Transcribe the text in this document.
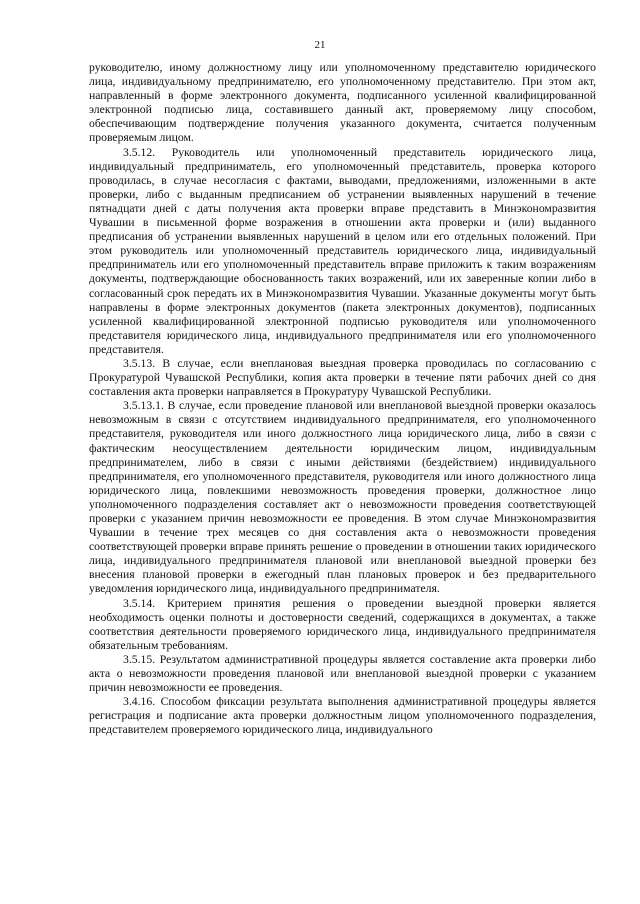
21

руководителю, иному должностному лицу или уполномоченному представителю юридического лица, индивидуальному предпринимателю, его уполномоченному представителю. При этом акт, направленный в форме электронного документа, подписанного усиленной квалифицированной электронной подписью лица, составившего данный акт, проверяемому лицу способом, обеспечивающим подтверждение получения указанного документа, считается полученным проверяемым лицом.

3.5.12. Руководитель или уполномоченный представитель юридического лица, индивидуальный предприниматель, его уполномоченный представитель, проверка которого проводилась, в случае несогласия с фактами, выводами, предложениями, изложенными в акте проверки, либо с выданным предписанием об устранении выявленных нарушений в течение пятнадцати дней с даты получения акта проверки вправе представить в Минэкономразвития Чувашии в письменной форме возражения в отношении акта проверки и (или) выданного предписания об устранении выявленных нарушений в целом или его отдельных положений. При этом руководитель или уполномоченный представитель юридического лица, индивидуальный предприниматель или его уполномоченный представитель вправе приложить к таким возражениям документы, подтверждающие обоснованность таких возражений, или их заверенные копии либо в согласованный срок передать их в Минэкономразвития Чувашии. Указанные документы могут быть направлены в форме электронных документов (пакета электронных документов), подписанных усиленной квалифицированной электронной подписью руководителя или уполномоченного представителя юридического лица, индивидуального предпринимателя или его уполномоченного представителя.

3.5.13. В случае, если внеплановая выездная проверка проводилась по согласованию с Прокуратурой Чувашской Республики, копия акта проверки в течение пяти рабочих дней со дня составления акта проверки направляется в Прокуратуру Чувашской Республики.

3.5.13.1. В случае, если проведение плановой или внеплановой выездной проверки оказалось невозможным в связи с отсутствием индивидуального предпринимателя, его уполномоченного представителя, руководителя или иного должностного лица юридического лица, либо в связи с фактическим неосуществлением деятельности юридическим лицом, индивидуальным предпринимателем, либо в связи с иными действиями (бездействием) индивидуального предпринимателя, его уполномоченного представителя, руководителя или иного должностного лица юридического лица, повлекшими невозможность проведения проверки, должностное лицо уполномоченного подразделения составляет акт о невозможности проведения соответствующей проверки с указанием причин невозможности ее проведения. В этом случае Минэкономразвития Чувашии в течение трех месяцев со дня составления акта о невозможности проведения соответствующей проверки вправе принять решение о проведении в отношении таких юридического лица, индивидуального предпринимателя плановой или внеплановой выездной проверки без внесения плановой проверки в ежегодный план плановых проверок и без предварительного уведомления юридического лица, индивидуального предпринимателя.

3.5.14. Критерием принятия решения о проведении выездной проверки является необходимость оценки полноты и достоверности сведений, содержащихся в документах, а также соответствия деятельности проверяемого юридического лица, индивидуального предпринимателя обязательным требованиям.

3.5.15. Результатом административной процедуры является составление акта проверки либо акта о невозможности проведения плановой или внеплановой выездной проверки с указанием причин невозможности ее проведения.

3.4.16. Способом фиксации результата выполнения административной процедуры является регистрация и подписание акта проверки должностным лицом уполномоченного подразделения, представителем проверяемого юридического лица, индивидуального
